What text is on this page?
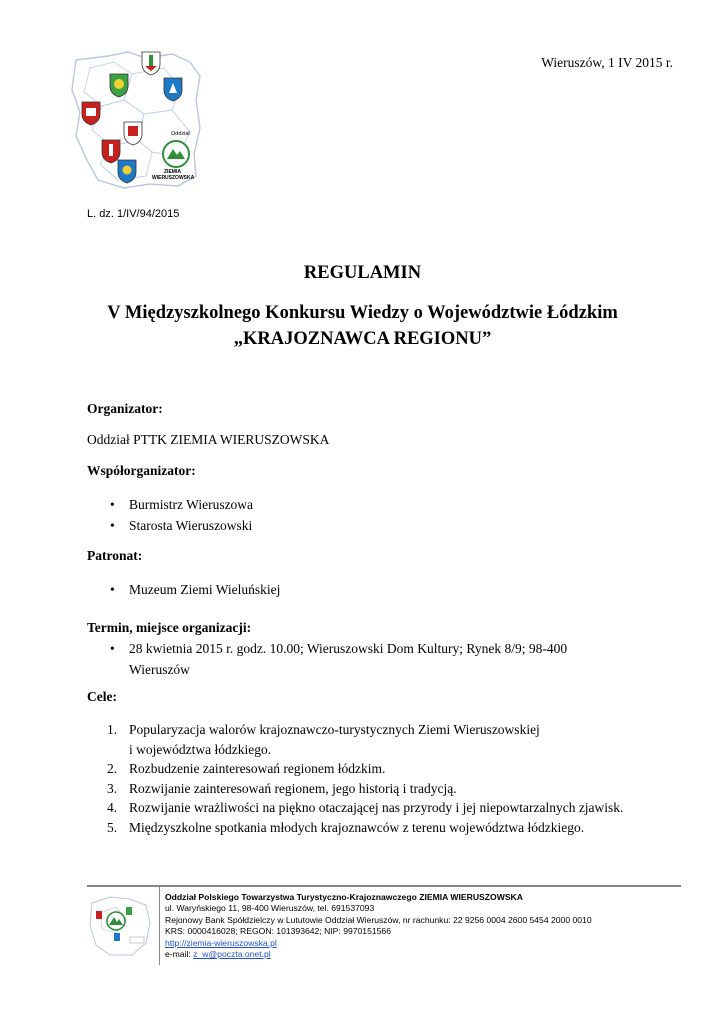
Oddział
ZIEMIA
WIERUSZOWSKA
Wieruszów, 1 IV 2015 r.
L. dz. 1/IV/94/2015
REGULAMIN
V Międzyszkolnego Konkursu Wiedzy o Województwie Łódzkim
„KRAJOZNAWCA REGIONU”
Organizator:
Oddział PTTK ZIEMIA WIERUSZOWSKA
Współorganizator:
• Burmistrz Wieruszowa
• Starosta Wieruszowski
Patronat:
• Muzeum Ziemi Wieluńskiej
Termin, miejsce organizacji:
• 28 kwietnia 2015 r. godz. 10.00; Wieruszowski Dom Kultury; Rynek 8/9; 98-400
Wieruszów
Cele:
1. Popularyzacja walorów krajoznawczo-turystycznych Ziemi Wieruszowskiej
i województwa łódzkiego.
2. Rozbudzenie zainteresowań regionem łódzkim.
3. Rozwijanie zainteresowań regionem, jego historią i tradycją.
4. Rozwijanie wrażliwości na piękno otaczającej nas przyrody i jej niepowtarzalnych zjawisk.
5. Międzyszkolne spotkania młodych krajoznawców z terenu województwa łódzkiego.
Oddział Polskiego Towarzystwa Turystyczno-Krajoznawczego ZIEMIA WIERUSZOWSKA
ul. Waryńskiego 11, 98-400 Wieruszów, tel. 691537093
Rejonowy Bank Spółdzielczy w Lututowie Oddział Wieruszów, nr rachunku: 22 9256 0004 2600 5454 2000 0010
KRS: 0000416028; REGON: 101393642; NIP: 9970151566
http://ziemia-wieruszowska.pl
e-mail: z_w@poczta.onet.pl
